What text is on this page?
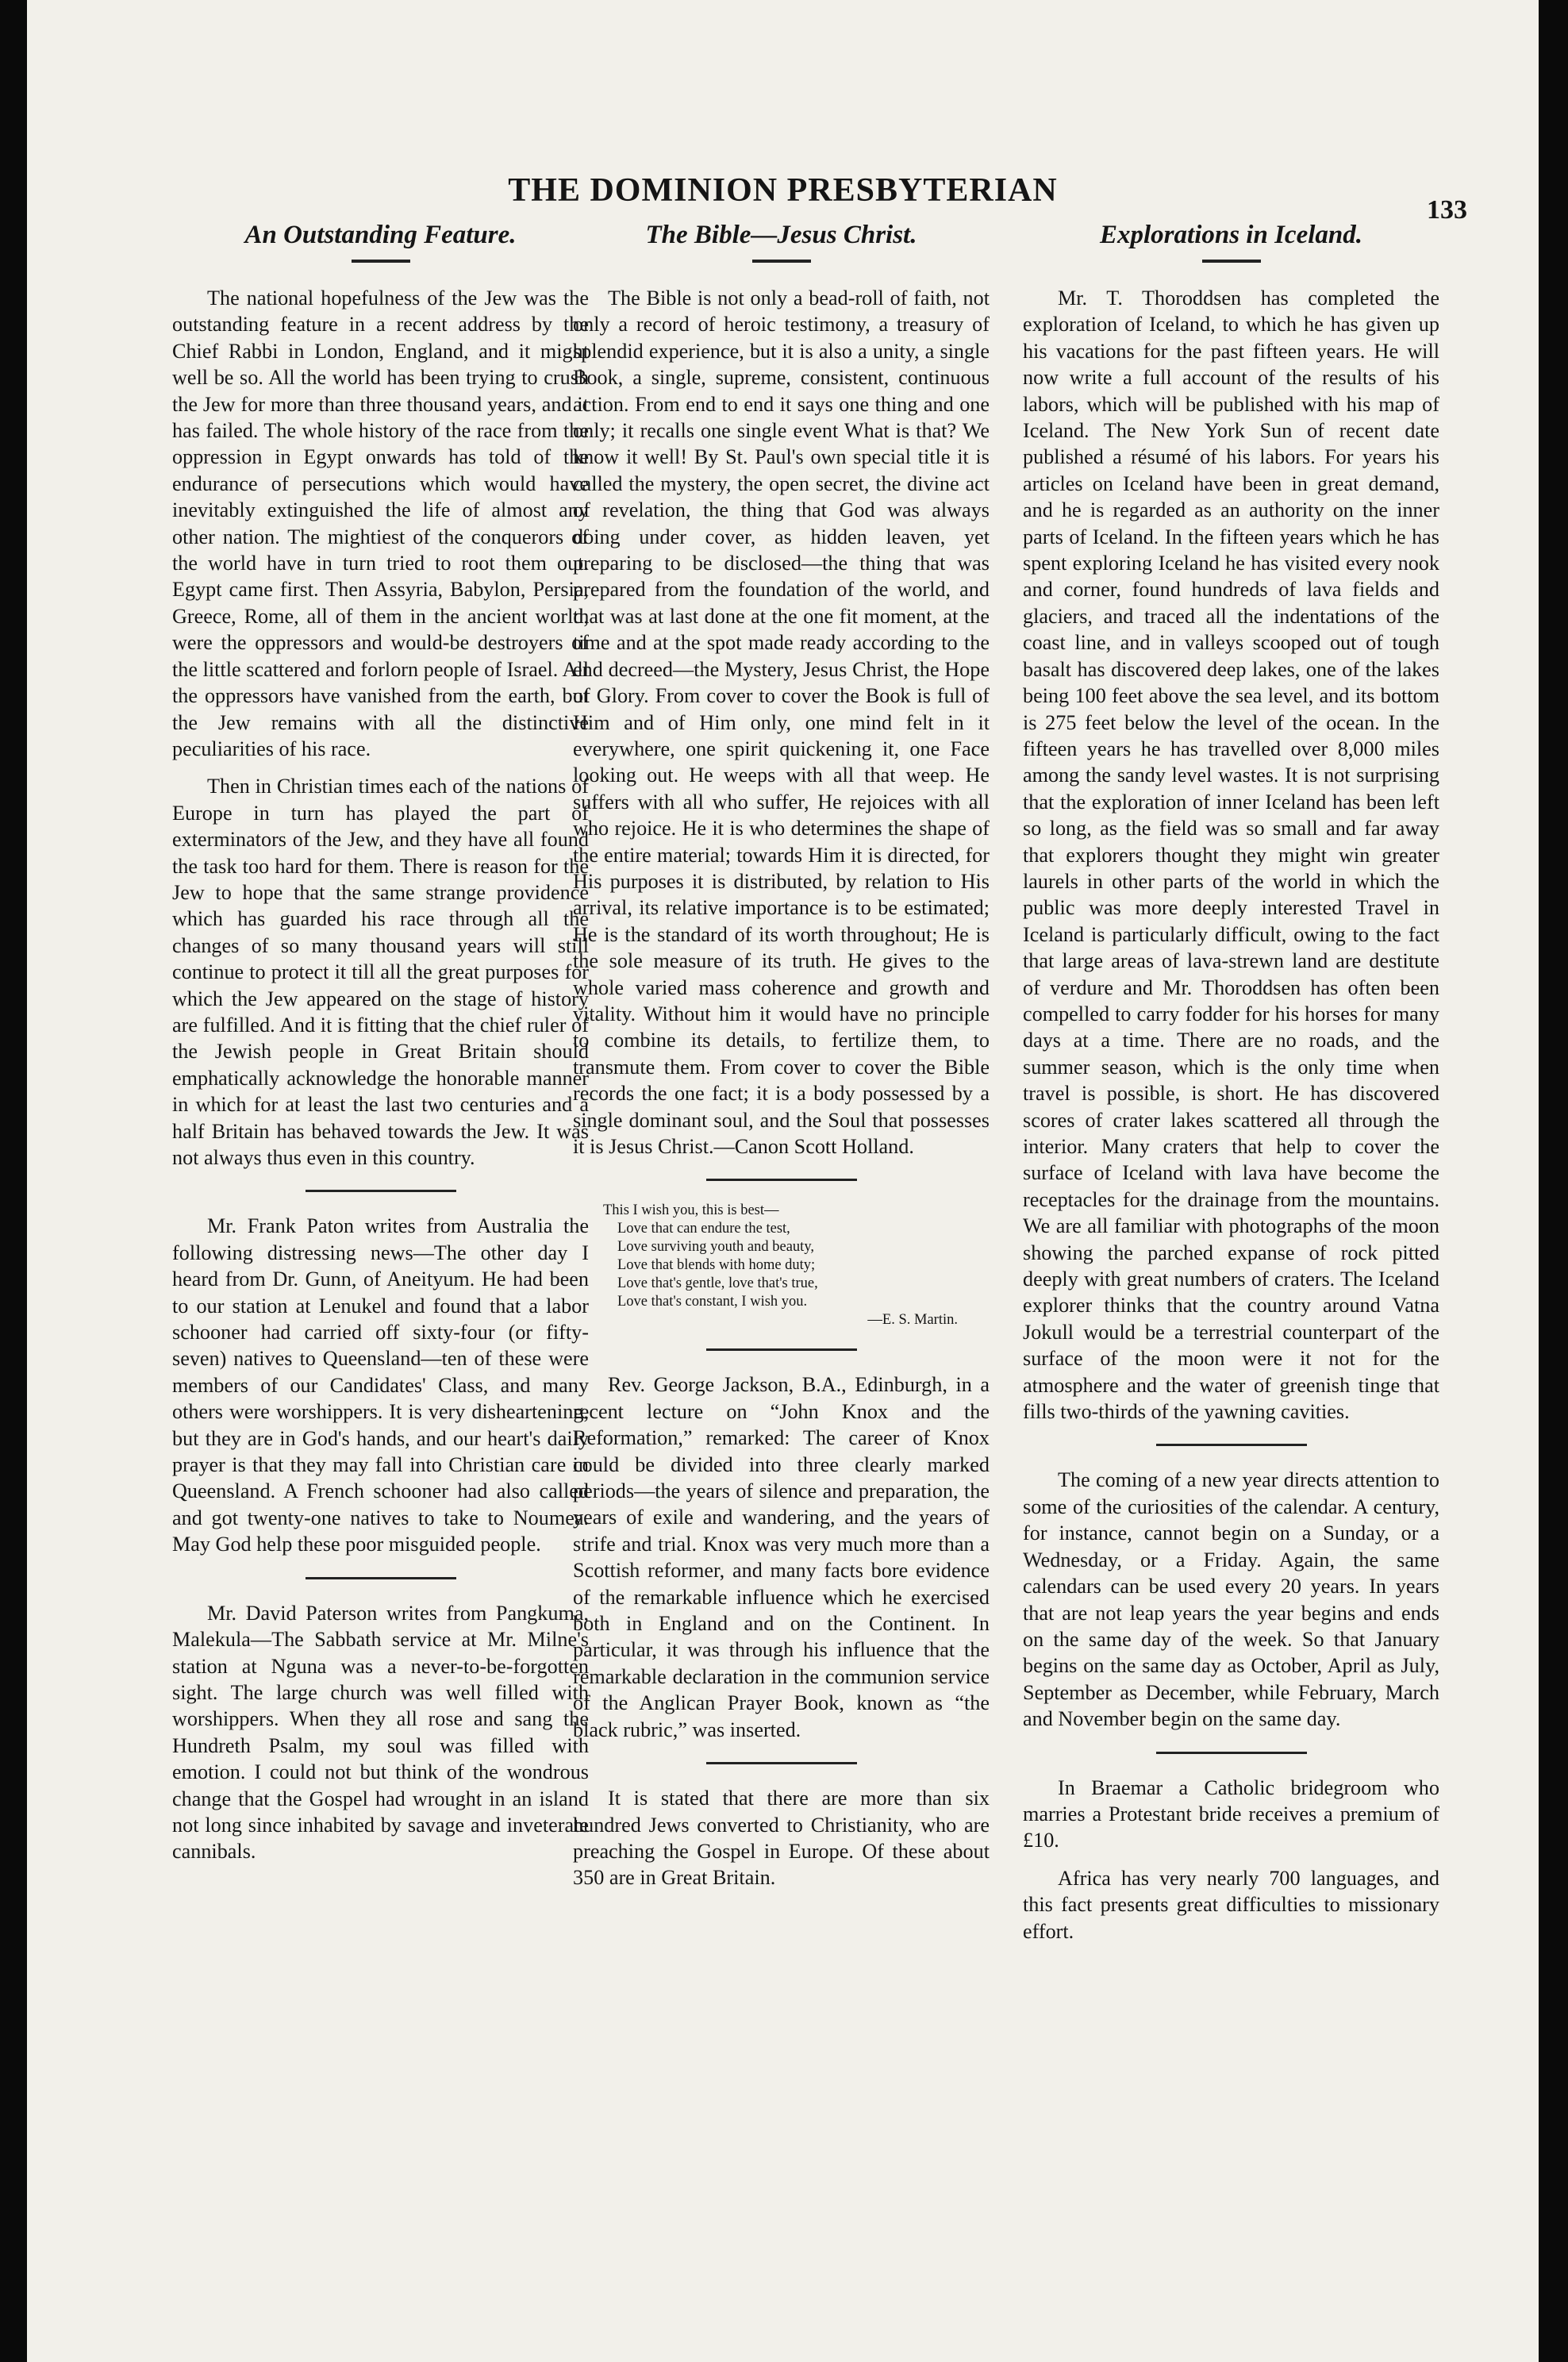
THE DOMINION PRESBYTERIAN
133
An Outstanding Feature.

The national hopefulness of the Jew was the outstanding feature in a recent address by the Chief Rabbi in London, England, and it might well be so. All the world has been trying to crush the Jew for more than three thousand years, and it has failed. The whole history of the race from the oppression in Egypt onwards has told of the endurance of persecutions which would have inevitably extinguished the life of almost any other nation. The mightiest of the conquerors of the world have in turn tried to root them out. Egypt came first. Then Assyria, Babylon, Persia, Greece, Rome, all of them in the ancient world, were the oppressors and would-be destroyers of the little scattered and forlorn people of Israel. All the oppressors have vanished from the earth, but the Jew remains with all the distinctive peculiarities of his race.

Then in Christian times each of the nations of Europe in turn has played the part of exterminators of the Jew, and they have all found the task too hard for them. There is reason for the Jew to hope that the same strange providence which has guarded his race through all the changes of so many thousand years will still continue to protect it till all the great purposes for which the Jew appeared on the stage of history are fulfilled. And it is fitting that the chief ruler of the Jewish people in Great Britain should emphatically acknowledge the honorable manner in which for at least the last two centuries and a half Britain has behaved towards the Jew. It was not always thus even in this country.

Mr. Frank Paton writes from Australia the following distressing news—The other day I heard from Dr. Gunn, of Aneityum. He had been to our station at Lenukel and found that a labor schooner had carried off sixty-four (or fifty-seven) natives to Queensland—ten of these were members of our Candidates' Class, and many others were worshippers. It is very disheartening, but they are in God's hands, and our heart's daily prayer is that they may fall into Christian care in Queensland. A French schooner had also called and got twenty-one natives to take to Noumea. May God help these poor misguided people.

Mr. David Paterson writes from Pangkuma, Malekula—The Sabbath service at Mr. Milne's station at Nguna was a never-to-be-forgotten sight. The large church was well filled with worshippers. When they all rose and sang the Hundreth Psalm, my soul was filled with emotion. I could not but think of the wondrous change that the Gospel had wrought in an island not long since inhabited by savage and inveterate cannibals.

The Bible—Jesus Christ.

The Bible is not only a bead-roll of faith, not only a record of heroic testimony, a treasury of splendid experience, but it is also a unity, a single Book, a single, supreme, consistent, continuous action. From end to end it says one thing and one only; it recalls one single event What is that? We know it well! By St. Paul's own special title it is called the mystery, the open secret, the divine act of revelation, the thing that God was always doing under cover, as hidden leaven, yet preparing to be disclosed—the thing that was prepared from the foundation of the world, and that was at last done at the one fit moment, at the time and at the spot made ready according to the end decreed—the Mystery, Jesus Christ, the Hope of Glory. From cover to cover the Book is full of Him and of Him only, one mind felt in it everywhere, one spirit quickening it, one Face looking out. He weeps with all that weep. He suffers with all who suffer, He rejoices with all who rejoice. He it is who determines the shape of the entire material; towards Him it is directed, for His purposes it is distributed, by relation to His arrival, its relative importance is to be estimated; He is the standard of its worth throughout; He is the sole measure of its truth. He gives to the whole varied mass coherence and growth and vitality. Without him it would have no principle to combine its details, to fertilize them, to transmute them. From cover to cover the Bible records the one fact; it is a body possessed by a single dominant soul, and the Soul that possesses it is Jesus Christ.—Canon Scott Holland.

This I wish you, this is best—
Love that can endure the test,
Love surviving youth and beauty,
Love that blends with home duty;
Love that's gentle, love that's true,
Love that's constant, I wish you.
—E. S. Martin.

Rev. George Jackson, B.A., Edinburgh, in a recent lecture on “John Knox and the Reformation,” remarked: The career of Knox could be divided into three clearly marked periods—the years of silence and preparation, the years of exile and wandering, and the years of strife and trial. Knox was very much more than a Scottish reformer, and many facts bore evidence of the remarkable influence which he exercised both in England and on the Continent. In particular, it was through his influence that the remarkable declaration in the communion service of the Anglican Prayer Book, known as “the black rubric,” was inserted.

It is stated that there are more than six hundred Jews converted to Christianity, who are preaching the Gospel in Europe. Of these about 350 are in Great Britain.

Explorations in Iceland.

Mr. T. Thoroddsen has completed the exploration of Iceland, to which he has given up his vacations for the past fifteen years. He will now write a full account of the results of his labors, which will be published with his map of Iceland. The New York Sun of recent date published a résumé of his labors. For years his articles on Iceland have been in great demand, and he is regarded as an authority on the inner parts of Iceland. In the fifteen years which he has spent exploring Iceland he has visited every nook and corner, found hundreds of lava fields and glaciers, and traced all the indentations of the coast line, and in valleys scooped out of tough basalt has discovered deep lakes, one of the lakes being 100 feet above the sea level, and its bottom is 275 feet below the level of the ocean. In the fifteen years he has travelled over 8,000 miles among the sandy level wastes. It is not surprising that the exploration of inner Iceland has been left so long, as the field was so small and far away that explorers thought they might win greater laurels in other parts of the world in which the public was more deeply interested Travel in Iceland is particularly difficult, owing to the fact that large areas of lava-strewn land are destitute of verdure and Mr. Thoroddsen has often been compelled to carry fodder for his horses for many days at a time. There are no roads, and the summer season, which is the only time when travel is possible, is short. He has discovered scores of crater lakes scattered all through the interior. Many craters that help to cover the surface of Iceland with lava have become the receptacles for the drainage from the mountains. We are all familiar with photographs of the moon showing the parched expanse of rock pitted deeply with great numbers of craters. The Iceland explorer thinks that the country around Vatna Jokull would be a terrestrial counterpart of the surface of the moon were it not for the atmosphere and the water of greenish tinge that fills two-thirds of the yawning cavities.

The coming of a new year directs attention to some of the curiosities of the calendar. A century, for instance, cannot begin on a Sunday, or a Wednesday, or a Friday. Again, the same calendars can be used every 20 years. In years that are not leap years the year begins and ends on the same day of the week. So that January begins on the same day as October, April as July, September as December, while February, March and November begin on the same day.

In Braemar a Catholic bridegroom who marries a Protestant bride receives a premium of £10.

Africa has very nearly 700 languages, and this fact presents great difficulties to missionary effort.
